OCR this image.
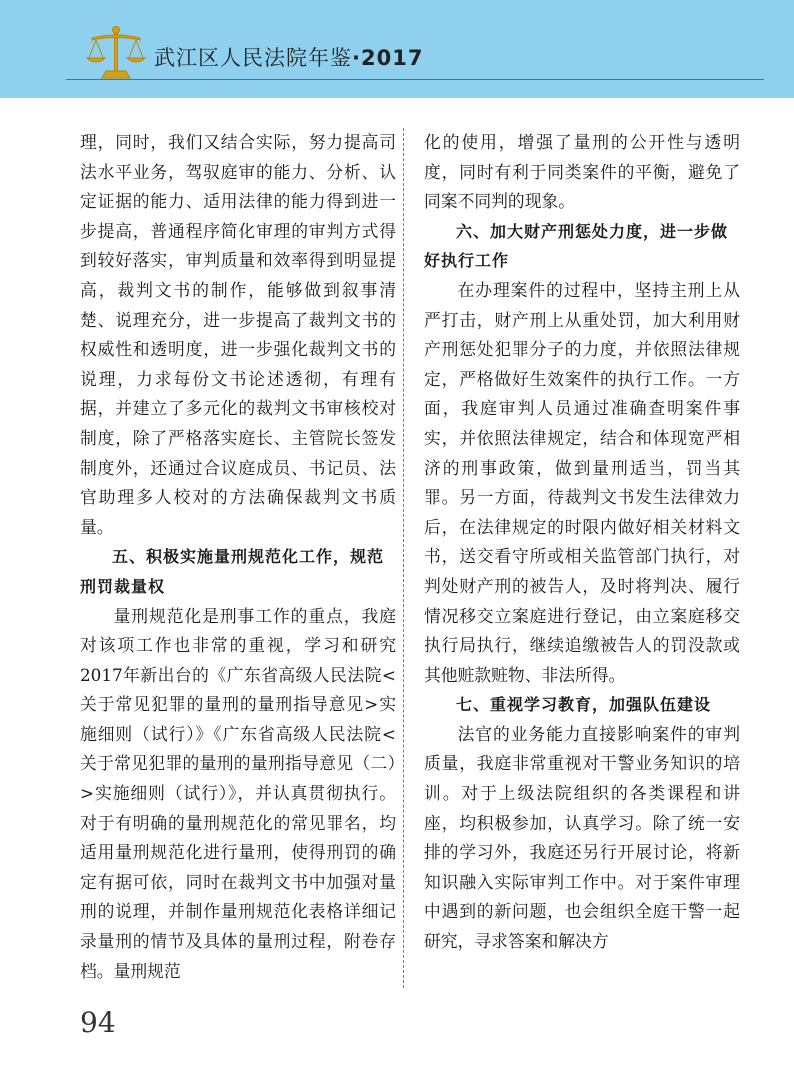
武江区人民法院年鉴·2017

理，同时，我们又结合实际，努力提高司法水平业务，驾驭庭审的能力、分析、认定证据的能力、适用法律的能力得到进一步提高，普通程序简化审理的审判方式得到较好落实，审判质量和效率得到明显提高，裁判文书的制作，能够做到叙事清楚、说理充分，进一步提高了裁判文书的权威性和透明度，进一步强化裁判文书的说理，力求每份文书论述透彻，有理有据，并建立了多元化的裁判文书审核校对制度，除了严格落实庭长、主管院长签发制度外，还通过合议庭成员、书记员、法官助理多人校对的方法确保裁判文书质量。

五、积极实施量刑规范化工作，规范刑罚裁量权

量刑规范化是刑事工作的重点，我庭对该项工作也非常的重视，学习和研究2017年新出台的《广东省高级人民法院<关于常见犯罪的量刑的量刑指导意见>实施细则（试行）》《广东省高级人民法院<关于常见犯罪的量刑的量刑指导意见（二）>实施细则（试行）》，并认真贯彻执行。对于有明确的量刑规范化的常见罪名，均适用量刑规范化进行量刑，使得刑罚的确定有据可依，同时在裁判文书中加强对量刑的说理，并制作量刑规范化表格详细记录量刑的情节及具体的量刑过程，附卷存档。量刑规范

化的使用，增强了量刑的公开性与透明度，同时有利于同类案件的平衡，避免了同案不同判的现象。

六、加大财产刑惩处力度，进一步做好执行工作

在办理案件的过程中，坚持主刑上从严打击，财产刑上从重处罚，加大利用财产刑惩处犯罪分子的力度，并依照法律规定，严格做好生效案件的执行工作。一方面，我庭审判人员通过准确查明案件事实，并依照法律规定，结合和体现宽严相济的刑事政策，做到量刑适当，罚当其罪。另一方面，待裁判文书发生法律效力后，在法律规定的时限内做好相关材料文书，送交看守所或相关监管部门执行，对判处财产刑的被告人，及时将判决、履行情况移交立案庭进行登记，由立案庭移交执行局执行，继续追缴被告人的罚没款或其他赃款赃物、非法所得。

七、重视学习教育，加强队伍建设

法官的业务能力直接影响案件的审判质量，我庭非常重视对干警业务知识的培训。对于上级法院组织的各类课程和讲座，均积极参加，认真学习。除了统一安排的学习外，我庭还另行开展讨论，将新知识融入实际审判工作中。对于案件审理中遇到的新问题，也会组织全庭干警一起研究，寻求答案和解决方

94
